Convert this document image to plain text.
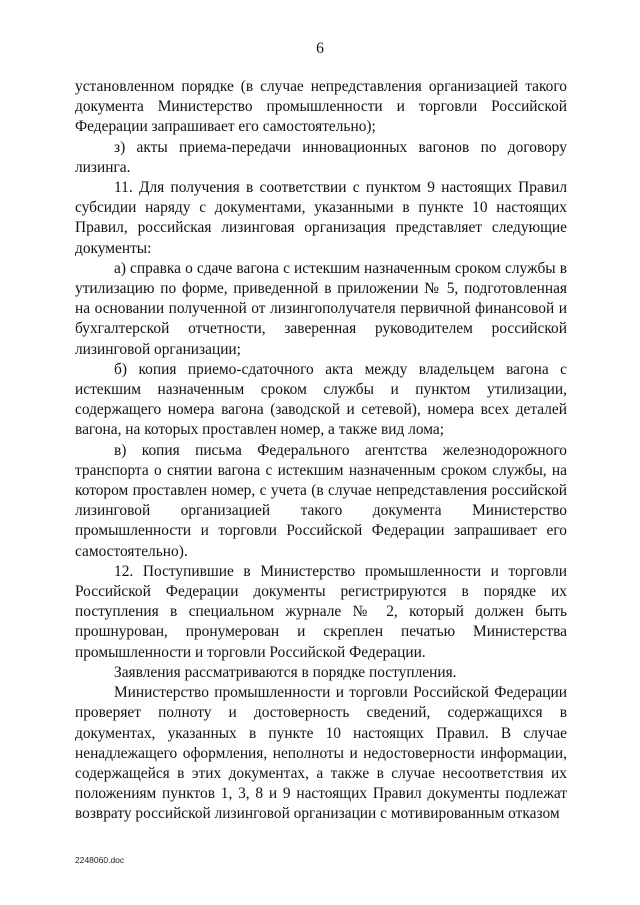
6

установленном порядке (в случае непредставления организацией такого документа Министерство промышленности и торговли Российской Федерации запрашивает его самостоятельно);

з) акты приема-передачи инновационных вагонов по договору лизинга.

11. Для получения в соответствии с пунктом 9 настоящих Правил субсидии наряду с документами, указанными в пункте 10 настоящих Правил, российская лизинговая организация представляет следующие документы:

а) справка о сдаче вагона с истекшим назначенным сроком службы в утилизацию по форме, приведенной в приложении № 5, подготовленная на основании полученной от лизингополучателя первичной финансовой и бухгалтерской отчетности, заверенная руководителем российской лизинговой организации;

б) копия приемо-сдаточного акта между владельцем вагона с истекшим назначенным сроком службы и пунктом утилизации, содержащего номера вагона (заводской и сетевой), номера всех деталей вагона, на которых проставлен номер, а также вид лома;

в) копия письма Федерального агентства железнодорожного транспорта о снятии вагона с истекшим назначенным сроком службы, на котором проставлен номер, с учета (в случае непредставления российской лизинговой организацией такого документа Министерство промышленности и торговли Российской Федерации запрашивает его самостоятельно).

12. Поступившие в Министерство промышленности и торговли Российской Федерации документы регистрируются в порядке их поступления в специальном журнале № 2, который должен быть прошнурован, пронумерован и скреплен печатью Министерства промышленности и торговли Российской Федерации.

Заявления рассматриваются в порядке поступления.

Министерство промышленности и торговли Российской Федерации проверяет полноту и достоверность сведений, содержащихся в документах, указанных в пункте 10 настоящих Правил. В случае ненадлежащего оформления, неполноты и недостоверности информации, содержащейся в этих документах, а также в случае несоответствия их положениям пунктов 1, 3, 8 и 9 настоящих Правил документы подлежат возврату российской лизинговой организации с мотивированным отказом

2248060.doc
